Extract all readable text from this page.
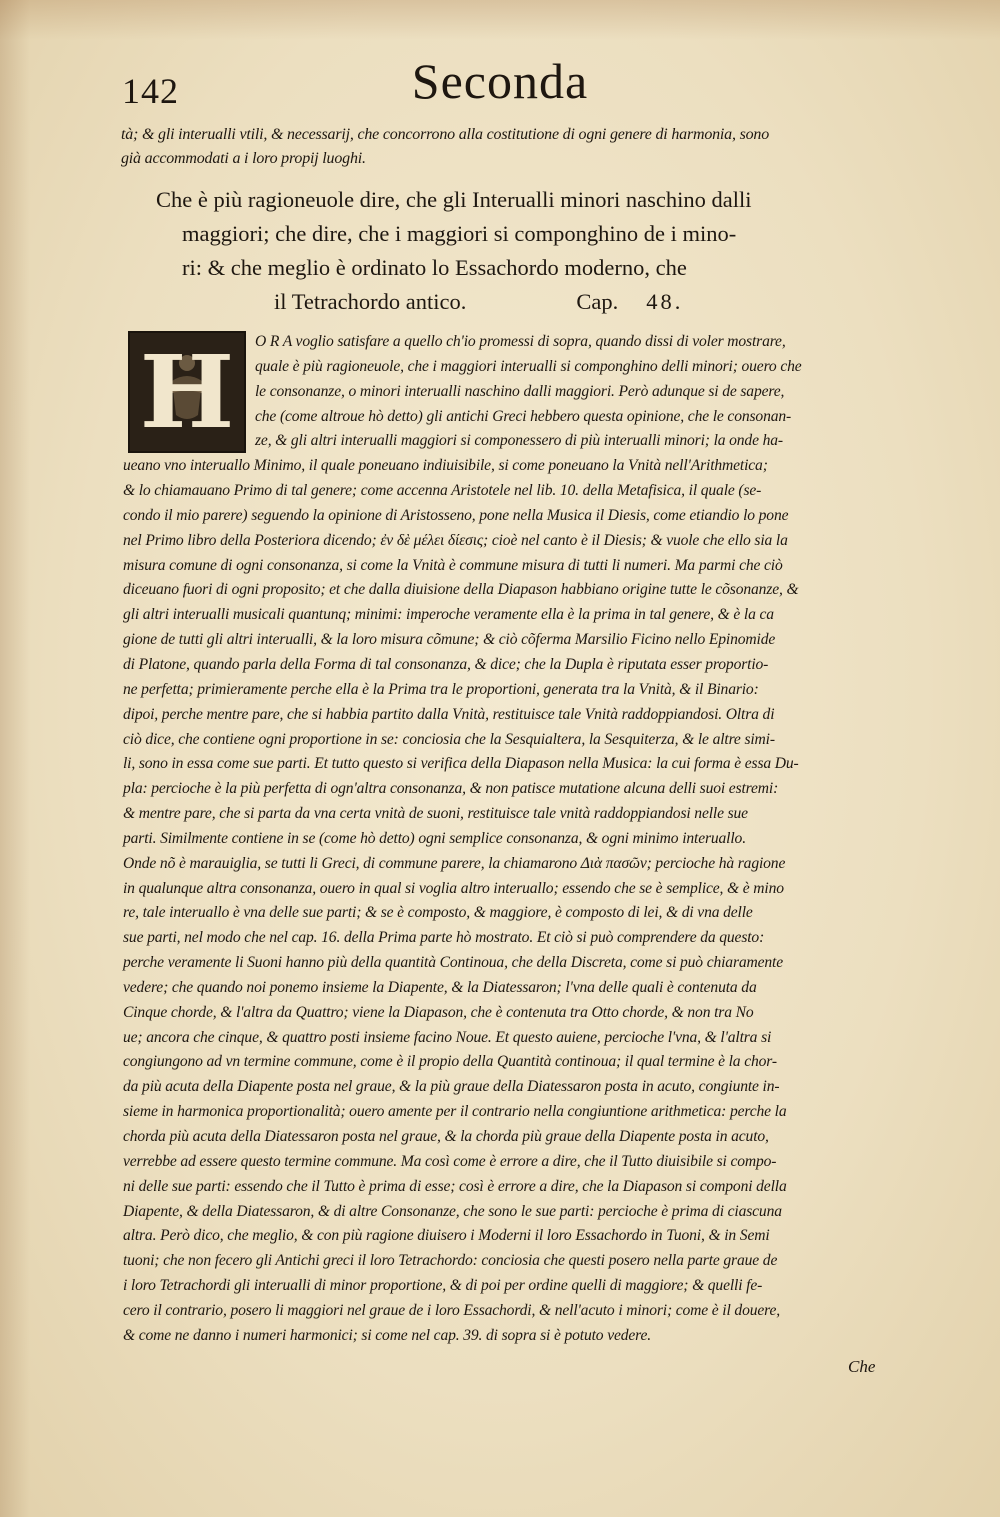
142	Seconda
tà; & gli interualli vtili, & necessarij, che concorrono alla costitutione di ogni genere di harmonia, sono
già accommodati a i loro propij luoghi.
Che è più ragioneuole dire, che gli Interualli minori naschino dalli
maggiori; che dire, che i maggiori si componghino de i mino-
ri: & che meglio è ordinato lo Essachordo moderno, che
il Tetrachordo antico.	Cap. 48.
H	O R A voglio satisfare a quello ch'io promessi di sopra, quando dissi di voler mostrare,
quale è più ragioneuole, che i maggiori interualli si componghino delli minori; ouero che
le consonanze, o minori interualli naschino dalli maggiori. Però adunque si de sapere,
che (come altroue hò detto) gli antichi Greci hebbero questa opinione, che le consonan-
ze, & gli altri interualli maggiori si componessero di più interualli minori; la onde ha-
ueano vno interuallo Minimo, il quale poneuano indiuisibile, si come poneuano la Vnità nell'Arithmetica;
& lo chiamauano Primo di tal genere; come accenna Aristotele nel lib. 10. della Metafisica, il quale (se-
condo il mio parere) seguendo la opinione di Aristosseno, pone nella Musica il Diesis, come etiandio lo pone
nel Primo libro della Posteriora dicendo; ἐν δὲ μέλει δίεσις; cioè nel canto è il Diesis; & vuole che ello sia la
misura comune di ogni consonanza, si come la Vnità è commune misura di tutti li numeri. Ma parmi che ciò
diceuano fuori di ogni proposito; et che dalla diuisione della Diapason habbiano origine tutte le cõsonanze, &
gli altri interualli musicali quantunq; minimi: imperoche veramente ella è la prima in tal genere, & è la ca
gione de tutti gli altri interualli, & la loro misura cõmune; & ciò cõferma Marsilio Ficino nello Epinomide
di Platone, quando parla della Forma di tal consonanza, & dice; che la Dupla è riputata esser proportio-
ne perfetta; primieramente perche ella è la Prima tra le proportioni, generata tra la Vnità, & il Binario:
dipoi, perche mentre pare, che si habbia partito dalla Vnità, restituisce tale Vnità raddoppiandosi. Oltra di
ciò dice, che contiene ogni proportione in se: conciosia che la Sesquialtera, la Sesquiterza, & le altre simi-
li, sono in essa come sue parti. Et tutto questo si verifica della Diapason nella Musica: la cui forma è essa Du-
pla: percioche è la più perfetta di ogn'altra consonanza, & non patisce mutatione alcuna delli suoi estremi:
& mentre pare, che si parta da vna certa vnità de suoni, restituisce tale vnità raddoppiandosi nelle sue
parti. Similmente contiene in se (come hò detto) ogni semplice consonanza, & ogni minimo interuallo.
Onde nõ è marauiglia, se tutti li Greci, di commune parere, la chiamarono Διὰ πασῶν; percioche hà ragione
in qualunque altra consonanza, ouero in qual si voglia altro interuallo; essendo che se è semplice, & è mino
re, tale interuallo è vna delle sue parti; & se è composto, & maggiore, è composto di lei, & di vna delle
sue parti, nel modo che nel cap. 16. della Prima parte hò mostrato. Et ciò si può comprendere da questo:
perche veramente li Suoni hanno più della quantità Continoua, che della Discreta, come si può chiaramente
vedere; che quando noi ponemo insieme la Diapente, & la Diatessaron; l'vna delle quali è contenuta da
Cinque chorde, & l'altra da Quattro; viene la Diapason, che è contenuta tra Otto chorde, & non tra No
ue; ancora che cinque, & quattro posti insieme facino Noue. Et questo auiene, percioche l'vna, & l'altra si
congiungono ad vn termine commune, come è il propio della Quantità continoua; il qual termine è la chor-
da più acuta della Diapente posta nel graue, & la più graue della Diatessaron posta in acuto, congiunte in-
sieme in harmonica proportionalità; ouero amente per il contrario nella congiuntione arithmetica: perche la
chorda più acuta della Diatessaron posta nel graue, & la chorda più graue della Diapente posta in acuto,
verrebbe ad essere questo termine commune. Ma così come è errore a dire, che il Tutto diuisibile si compo-
ni delle sue parti: essendo che il Tutto è prima di esse; così è errore a dire, che la Diapason si componi della
Diapente, & della Diatessaron, & di altre Consonanze, che sono le sue parti: percioche è prima di ciascuna
altra. Però dico, che meglio, & con più ragione diuisero i Moderni il loro Essachordo in Tuoni, & in Semi
tuoni; che non fecero gli Antichi greci il loro Tetrachordo: conciosia che questi posero nella parte graue de
i loro Tetrachordi gli interualli di minor proportione, & di poi per ordine quelli di maggiore; & quelli fe-
cero il contrario, posero li maggiori nel graue de i loro Essachordi, & nell'acuto i minori; come è il douere,
& come ne danno i numeri harmonici; si come nel cap. 39. di sopra si è potuto vedere.
Che
